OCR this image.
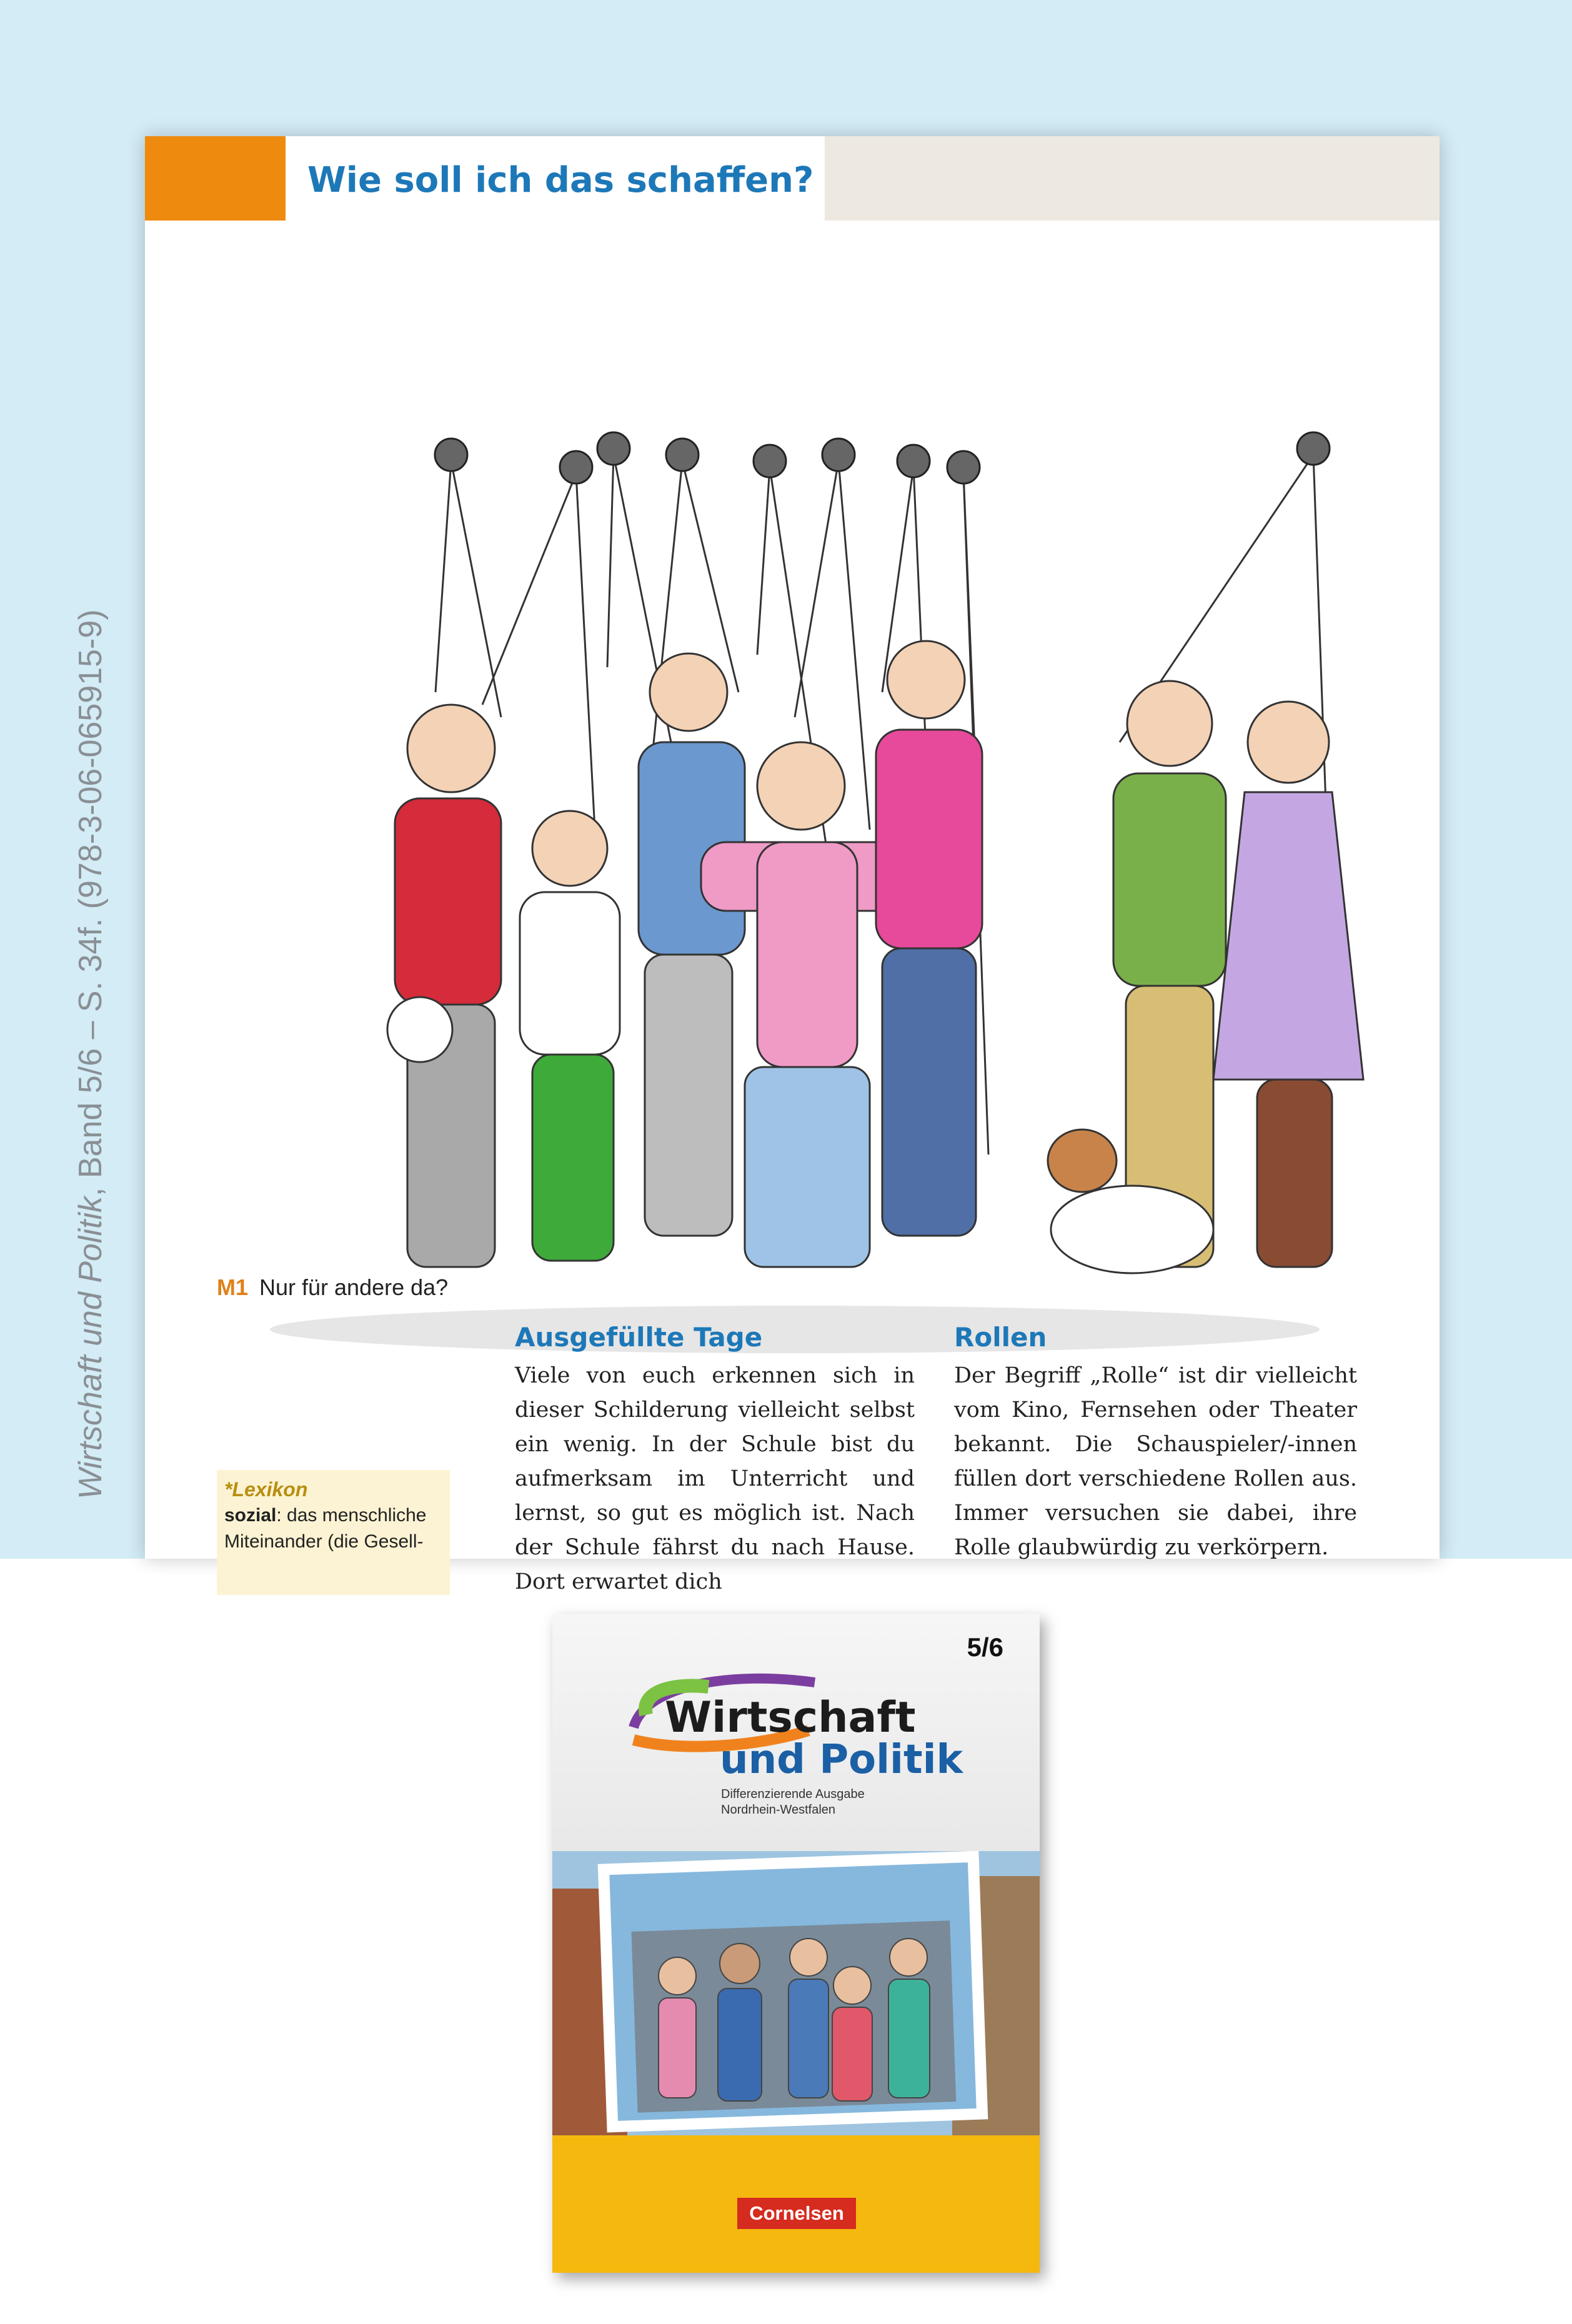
Wirtschaft und Politik, Band 5/6 – S. 34f. (978-3-06-065915-9)
Wie soll ich das schaffen?
M1 Nur für andere da?
*Lexikon
sozial: das menschliche
Miteinander (die Gesell-
Ausgefüllte Tage
Viele von euch erkennen sich in dieser Schilderung vielleicht selbst ein wenig. In der Schule bist du aufmerksam im Unterricht und lernst, so gut es möglich ist. Nach der Schule fährst du nach Hause. Dort erwartet dich
Rollen
Der Begriff „Rolle“ ist dir vielleicht vom Kino, Fernsehen oder Theater bekannt. Die Schauspieler/-innen füllen dort verschiedene Rollen aus. Immer versuchen sie dabei, ihre Rolle glaubwürdig zu verkörpern.
5/6
Wirtschaft
und Politik
Differenzierende Ausgabe
Nordrhein-Westfalen
Cornelsen
